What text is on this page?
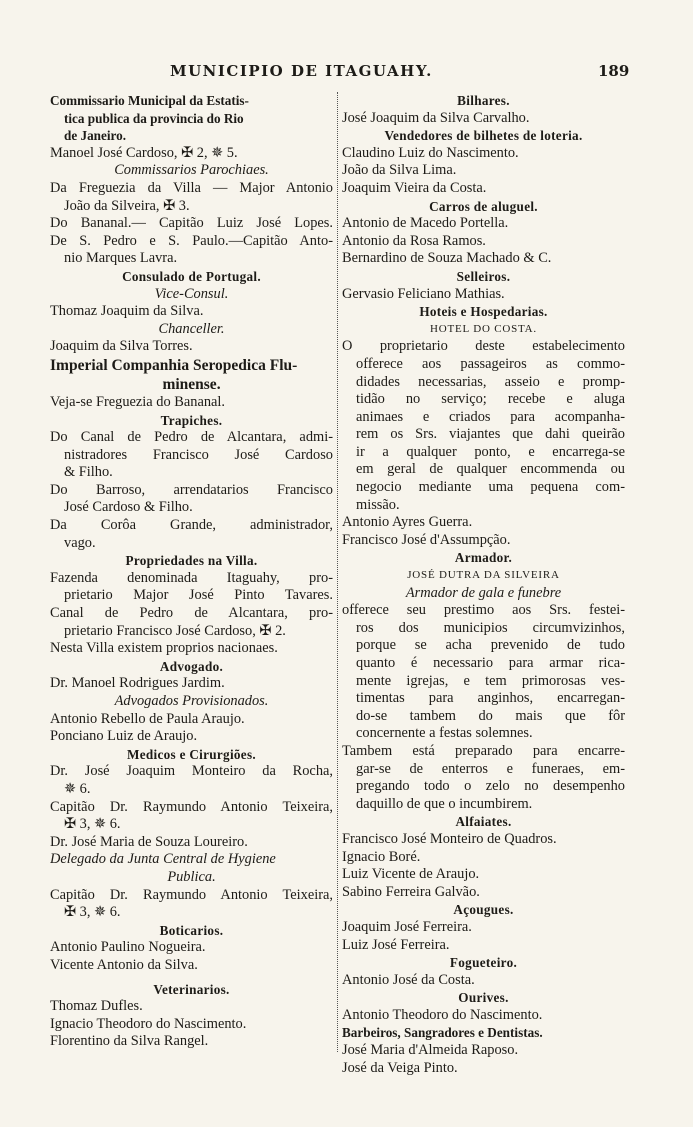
MUNICIPIO DE ITAGUAHY.	189
Commissario Municipal da Estatis-
tica publica da provincia do Rio
de Janeiro.
Manoel José Cardoso, ✠ 2, ✵ 5.
Commissarios Parochiaes.
Da Freguezia da Villa — Major Antonio
João da Silveira, ✠ 3.
Do Bananal.— Capitão Luiz José Lopes.
De S. Pedro e S. Paulo.—Capitão Anto-
nio Marques Lavra.
Consulado de Portugal.
Vice-Consul.
Thomaz Joaquim da Silva.
Chanceller.
Joaquim da Silva Torres.
Imperial Companhia Seropedica Flu-
minense.
Veja-se Freguezia do Bananal.
Trapiches.
Do Canal de Pedro de Alcantara, admi-
nistradores Francisco José Cardoso
& Filho.
Do Barroso, arrendatarios Francisco
José Cardoso & Filho.
Da Corôa Grande, administrador,
vago.
Propriedades na Villa.
Fazenda denominada Itaguahy, pro-
prietario Major José Pinto Tavares.
Canal de Pedro de Alcantara, pro-
prietario Francisco José Cardoso, ✠ 2.
Nesta Villa existem proprios nacionaes.
Advogado.
Dr. Manoel Rodrigues Jardim.
Advogados Provisionados.
Antonio Rebello de Paula Araujo.
Ponciano Luiz de Araujo.
Medicos e Cirurgiões.
Dr. José Joaquim Monteiro da Rocha,
✵ 6.
Capitão Dr. Raymundo Antonio Teixeira,
✠ 3, ✵ 6.
Dr. José Maria de Souza Loureiro.
Delegado da Junta Central de Hygiene
Publica.
Capitão Dr. Raymundo Antonio Teixeira,
✠ 3, ✵ 6.
Boticarios.
Antonio Paulino Nogueira.
Vicente Antonio da Silva.
Veterinarios.
Thomaz Dufles.
Ignacio Theodoro do Nascimento.
Florentino da Silva Rangel.
Bilhares.
José Joaquim da Silva Carvalho.
Vendedores de bilhetes de loteria.
Claudino Luiz do Nascimento.
João da Silva Lima.
Joaquim Vieira da Costa.
Carros de aluguel.
Antonio de Macedo Portella.
Antonio da Rosa Ramos.
Bernardino de Souza Machado & C.
Selleiros.
Gervasio Feliciano Mathias.
Hoteis e Hospedarias.
HOTEL DO COSTA.
O proprietario deste estabelecimento
offerece aos passageiros as commo-
didades necessarias, asseio e promp-
tidão no serviço; recebe e aluga
animaes e criados para acompanha-
rem os Srs. viajantes que dahi queirão
ir a qualquer ponto, e encarrega-se
em geral de qualquer encommenda ou
negocio mediante uma pequena com-
missão.
Antonio Ayres Guerra.
Francisco José d'Assumpção.
Armador.
JOSÉ DUTRA DA SILVEIRA
Armador de gala e funebre
offerece seu prestimo aos Srs. festei-
ros dos municipios circumvizinhos,
porque se acha prevenido de tudo
quanto é necessario para armar rica-
mente igrejas, e tem primorosas ves-
timentas para anginhos, encarregan-
do-se tambem do mais que fôr
concernente a festas solemnes.
Tambem está preparado para encarre-
gar-se de enterros e funeraes, em-
pregando todo o zelo no desempenho
daquillo de que o incumbirem.
Alfaiates.
Francisco José Monteiro de Quadros.
Ignacio Boré.
Luiz Vicente de Araujo.
Sabino Ferreira Galvão.
Açougues.
Joaquim José Ferreira.
Luiz José Ferreira.
Fogueteiro.
Antonio José da Costa.
Ourives.
Antonio Theodoro do Nascimento.
Barbeiros, Sangradores e Dentistas.
José Maria d'Almeida Raposo.
José da Veiga Pinto.
